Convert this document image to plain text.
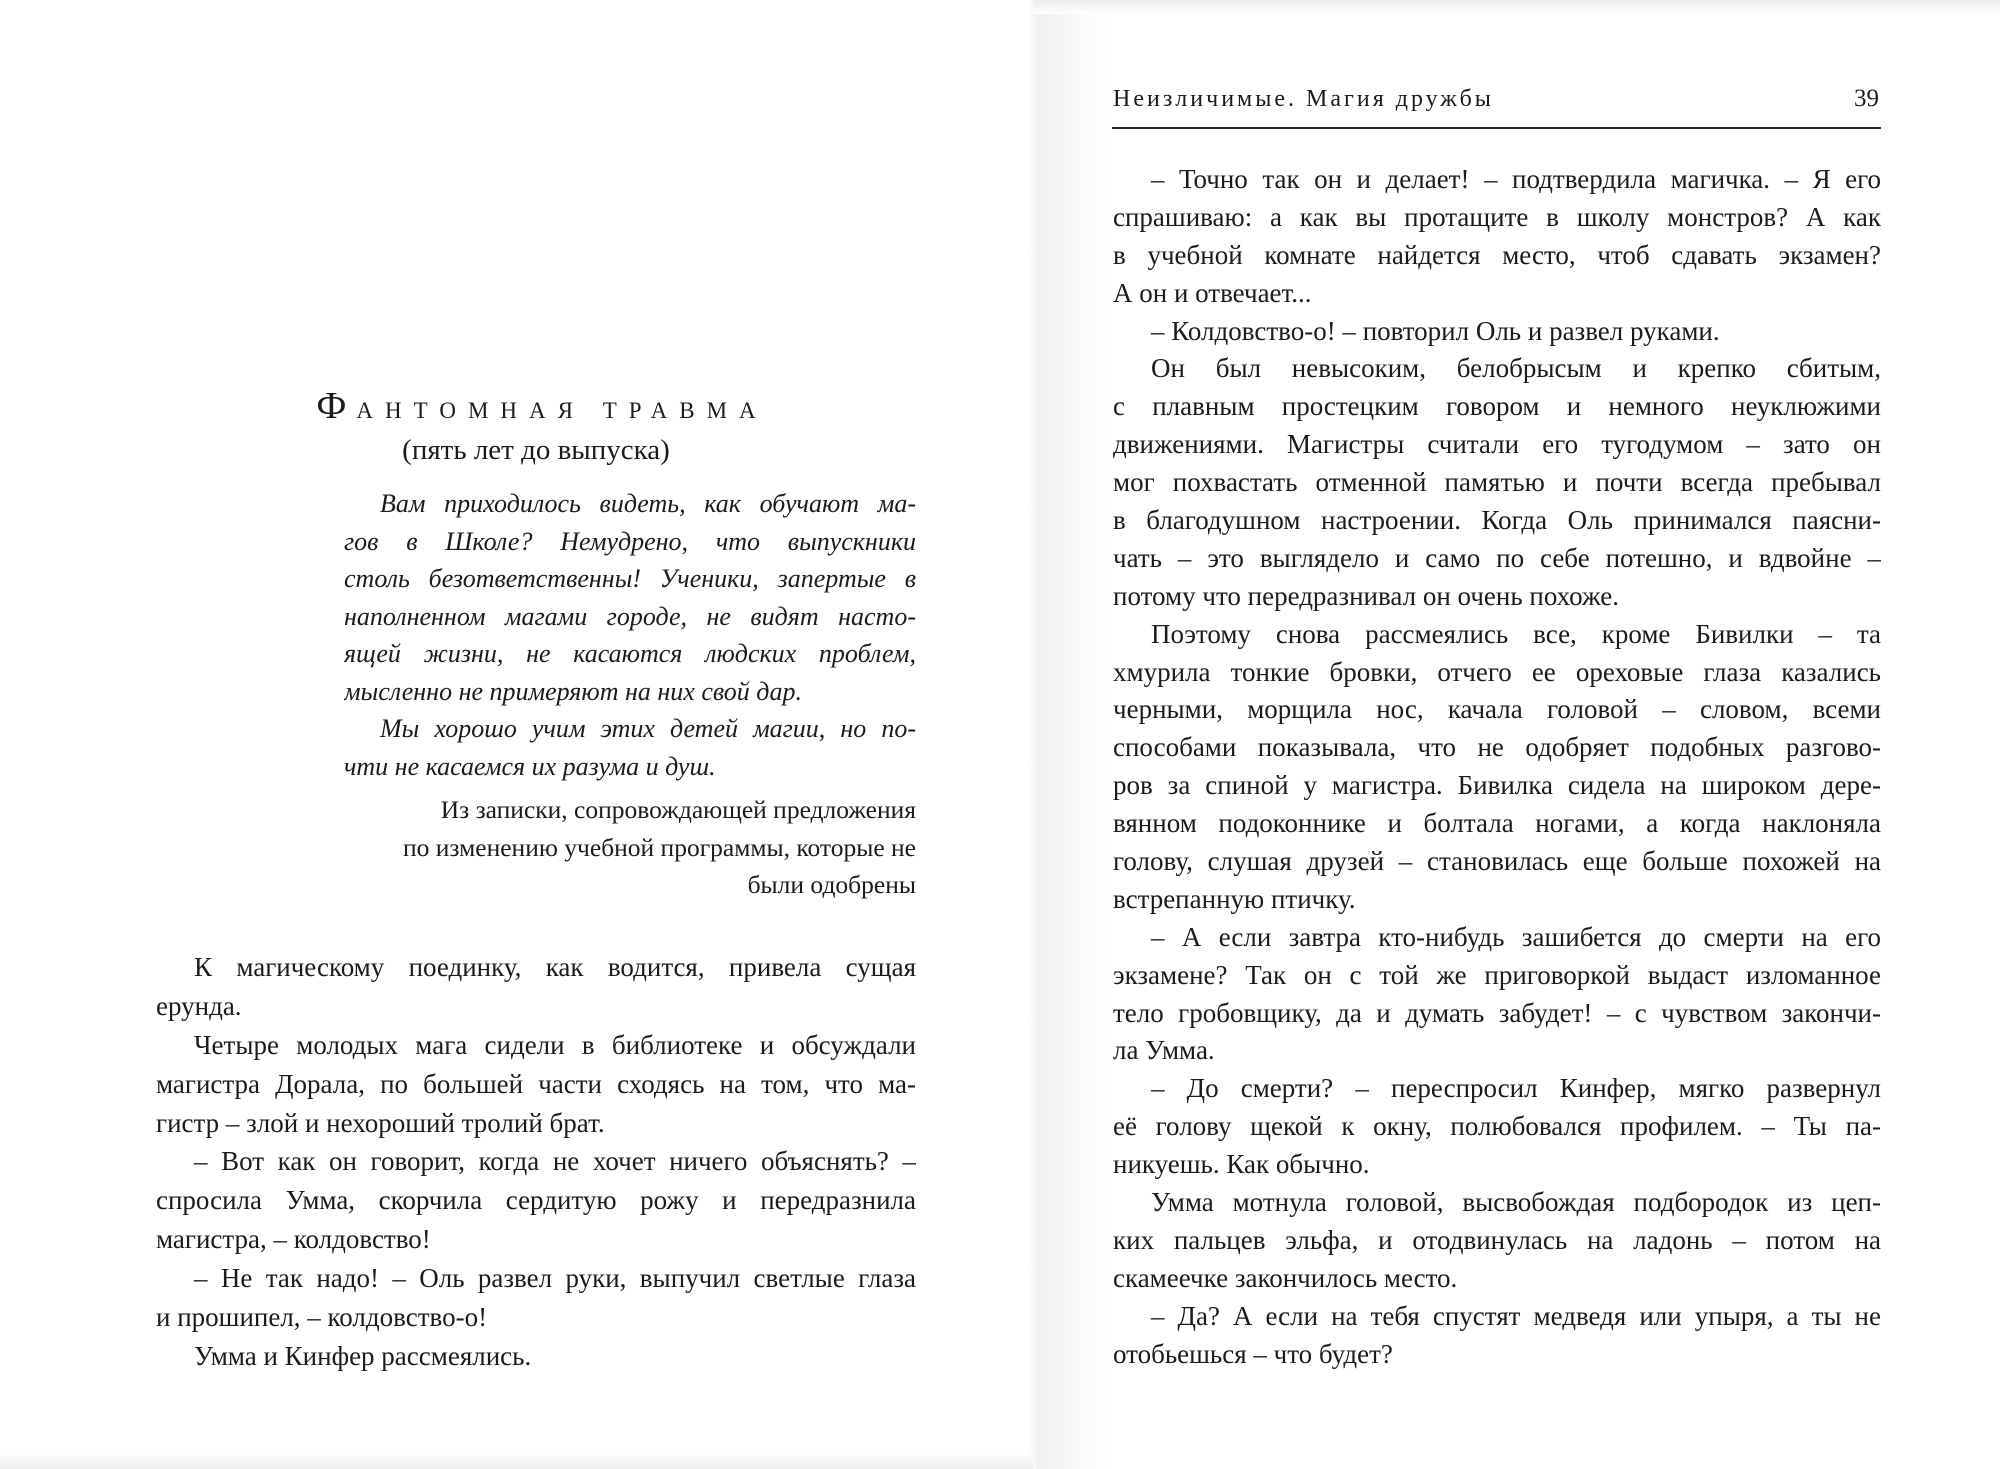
ФАНТОМНАЯ ТРАВМА
(пять лет до выпуска)
Вам приходилось видеть, как обучают ма-
гов в Школе? Немудрено, что выпускники
столь безответственны! Ученики, запертые в
наполненном магами городе, не видят насто-
ящей жизни, не касаются людских проблем,
мысленно не примеряют на них свой дар.
Мы хорошо учим этих детей магии, но по-
чти не касаемся их разума и душ.
Из записки, сопровождающей предложения
по изменению учебной программы, которые не
были одобрены
К магическому поединку, как водится, привела сущая
ерунда.
Четыре молодых мага сидели в библиотеке и обсуждали
магистра Дорала, по большей части сходясь на том, что ма-
гистр – злой и нехороший тролий брат.
– Вот как он говорит, когда не хочет ничего объяснять? –
спросила Умма, скорчила сердитую рожу и передразнила
магистра, – колдовство!
– Не так надо! – Оль развел руки, выпучил светлые глаза
и прошипел, – колдовство-о!
Умма и Кинфер рассмеялись.
Неизличимые. Магия дружбы	39
– Точно так он и делает! – подтвердила магичка. – Я его
спрашиваю: а как вы протащите в школу монстров? А как
в учебной комнате найдется место, чтоб сдавать экзамен?
А он и отвечает...
– Колдовство-о! – повторил Оль и развел руками.
Он был невысоким, белобрысым и крепко сбитым,
с плавным простецким говором и немного неуклюжими
движениями. Магистры считали его тугодумом – зато он
мог похвастать отменной памятью и почти всегда пребывал
в благодушном настроении. Когда Оль принимался паясни-
чать – это выглядело и само по себе потешно, и вдвойне –
потому что передразнивал он очень похоже.
Поэтому снова рассмеялись все, кроме Бивилки – та
хмурила тонкие бровки, отчего ее ореховые глаза казались
черными, морщила нос, качала головой – словом, всеми
способами показывала, что не одобряет подобных разгово-
ров за спиной у магистра. Бивилка сидела на широком дере-
вянном подоконнике и болтала ногами, а когда наклоняла
голову, слушая друзей – становилась еще больше похожей на
встрепанную птичку.
– А если завтра кто-нибудь зашибется до смерти на его
экзамене? Так он с той же приговоркой выдаст изломанное
тело гробовщику, да и думать забудет! – с чувством закончи-
ла Умма.
– До смерти? – переспросил Кинфер, мягко развернул
её голову щекой к окну, полюбовался профилем. – Ты па-
никуешь. Как обычно.
Умма мотнула головой, высвобождая подбородок из цеп-
ких пальцев эльфа, и отодвинулась на ладонь – потом на
скамеечке закончилось место.
– Да? А если на тебя спустят медведя или упыря, а ты не
отобьешься – что будет?
